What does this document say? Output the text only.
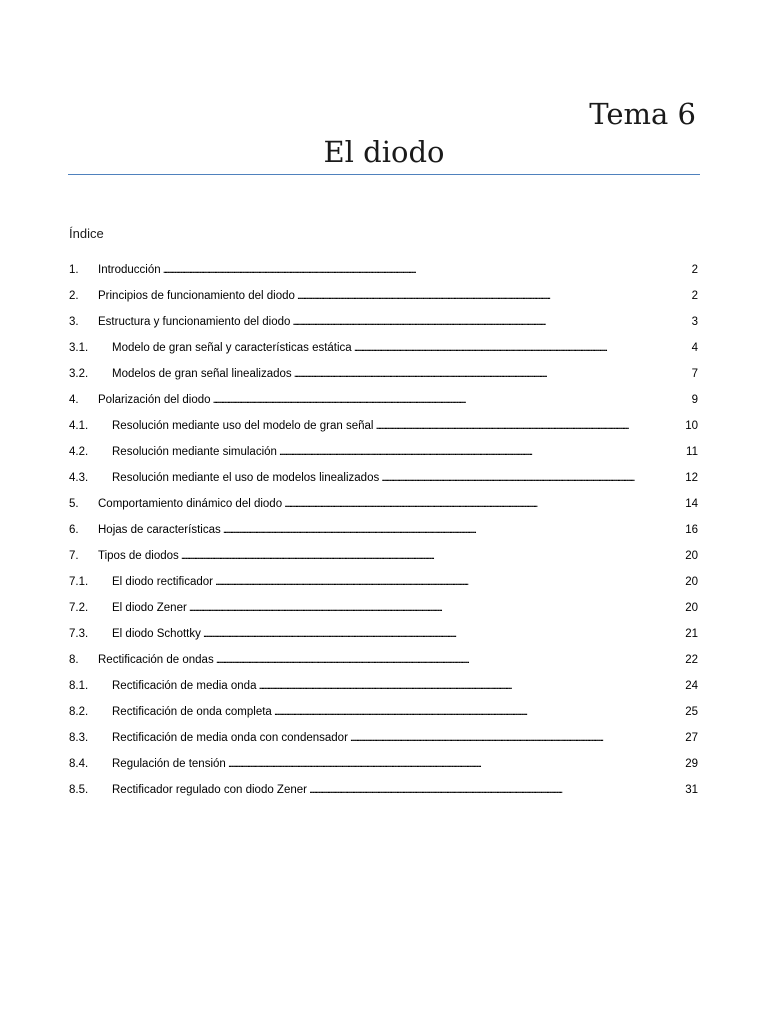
Tema 6
El diodo
Índice
1.	Introducción . . .	2
2.	Principios de funcionamiento del diodo . . .	2
3.	Estructura y funcionamiento del diodo . . .	3
3.1.	Modelo de gran señal y características estática . . .	4
3.2.	Modelos de gran señal linealizados . . .	7
4.	Polarización del diodo . . .	9
4.1.	Resolución mediante uso del modelo de gran señal . . .	10
4.2.	Resolución mediante simulación . . .	11
4.3.	Resolución mediante el uso de modelos linealizados . . .	12
5.	Comportamiento dinámico del diodo . . .	14
6.	Hojas de características . . .	16
7.	Tipos de diodos . . .	20
7.1.	El diodo rectificador . . .	20
7.2.	El diodo Zener . . .	20
7.3.	El diodo Schottky . . .	21
8.	Rectificación de ondas . . .	22
8.1.	Rectificación de media onda . . .	24
8.2.	Rectificación de onda completa . . .	25
8.3.	Rectificación de media onda con condensador . . .	27
8.4.	Regulación de tensión . . .	29
8.5.	Rectificador regulado con diodo Zener . . .	31
